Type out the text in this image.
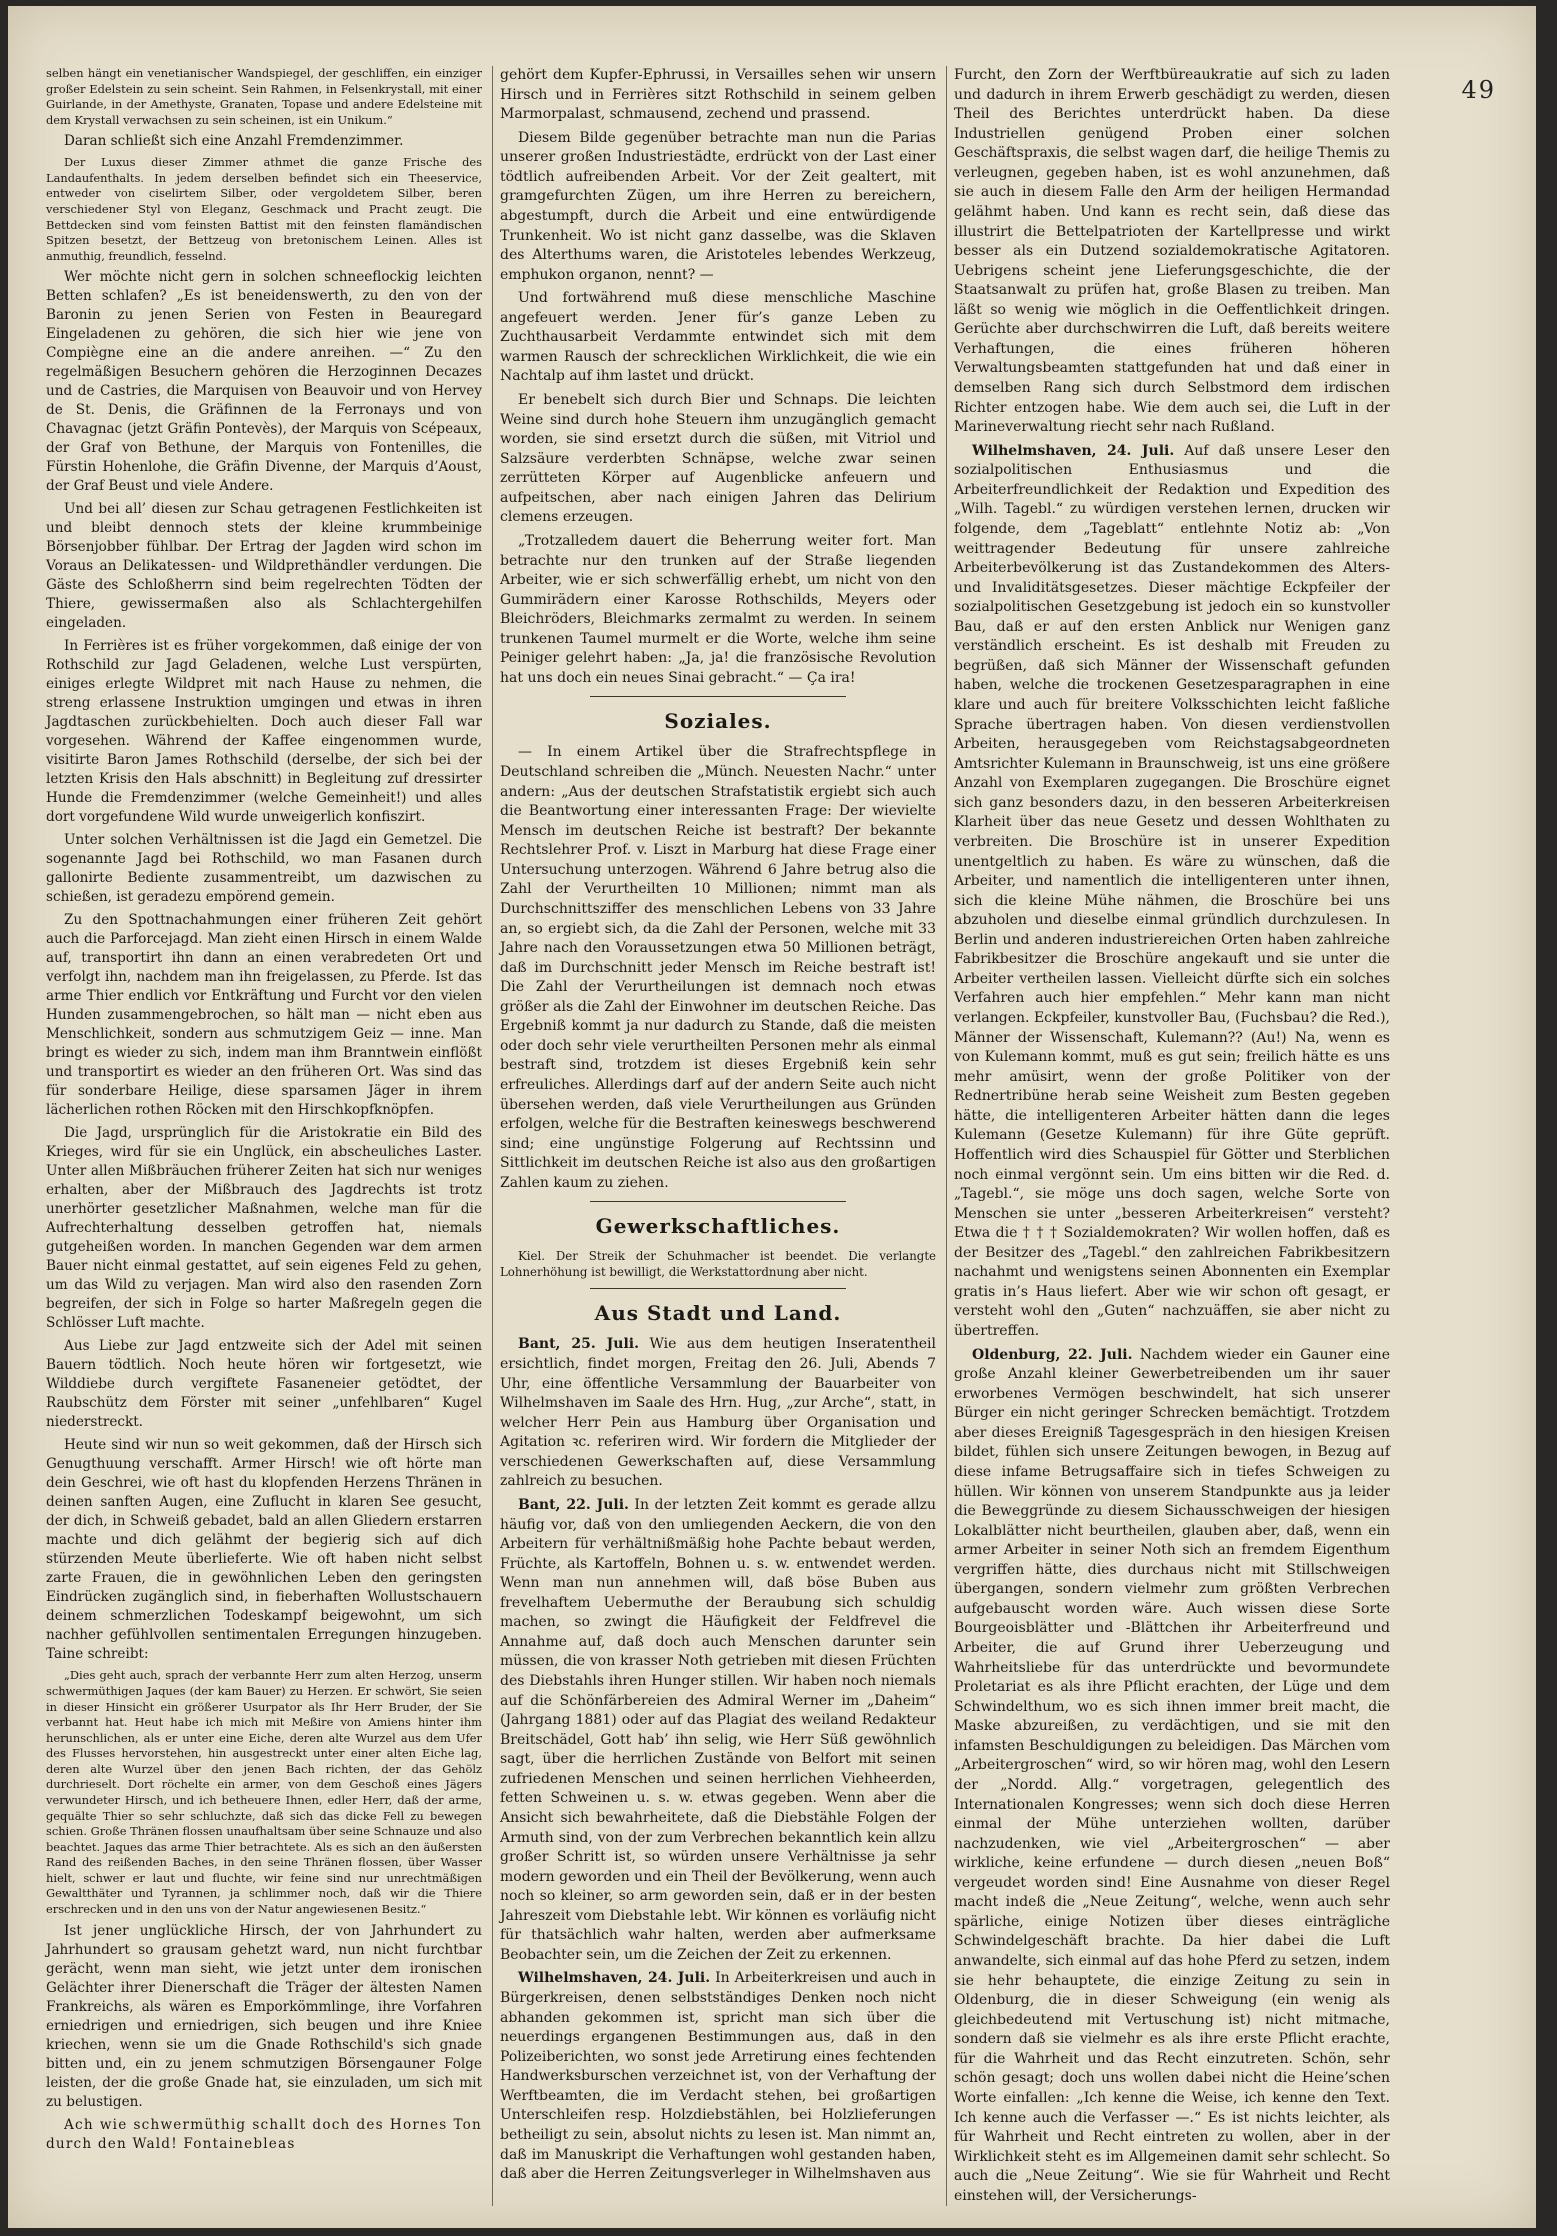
49

selben hängt ein venetianischer Wandspiegel, der geschliffen, ein einziger großer Edelstein zu sein scheint. Sein Rahmen, in Felsenkrystall, mit einer Guirlande, in der Amethyste, Granaten, Topase und andere Edelsteine mit dem Krystall verwachsen zu sein scheinen, ist ein Unikum.“

Daran schließt sich eine Anzahl Fremdenzimmer.

Der Luxus dieser Zimmer athmet die ganze Frische des Landaufenthalts. In jedem derselben befindet sich ein Theeservice, entweder von ciselirtem Silber, oder vergoldetem Silber, beren verschiedener Styl von Eleganz, Geschmack und Pracht zeugt. Die Bettdecken sind vom feinsten Battist mit den feinsten flamändischen Spitzen besetzt, der Bettzeug von bretonischem Leinen. Alles ist anmuthig, freundlich, fesselnd.

Wer möchte nicht gern in solchen schneeflockig leichten Betten schlafen? „Es ist beneidenswerth, zu den von der Baronin zu jenen Serien von Festen in Beauregard Eingeladenen zu gehören, die sich hier wie jene von Compiègne eine an die andere anreihen. —“ Zu den regelmäßigen Besuchern gehören die Herzoginnen Decazes und de Castries, die Marquisen von Beauvoir und von Hervey de St. Denis, die Gräfinnen de la Ferronays und von Chavagnac (jetzt Gräfin Pontevès), der Marquis von Scépeaux, der Graf von Bethune, der Marquis von Fontenilles, die Fürstin Hohenlohe, die Gräfin Divenne, der Marquis d’Aoust, der Graf Beust und viele Andere.

Und bei all’ diesen zur Schau getragenen Festlichkeiten ist und bleibt dennoch stets der kleine krummbeinige Börsenjobber fühlbar. Der Ertrag der Jagden wird schon im Voraus an Delikatessen- und Wildprethändler verdungen. Die Gäste des Schloßherrn sind beim regelrechten Tödten der Thiere, gewissermaßen also als Schlachtergehilfen eingeladen.

In Ferrières ist es früher vorgekommen, daß einige der von Rothschild zur Jagd Geladenen, welche Lust verspürten, einiges erlegte Wildpret mit nach Hause zu nehmen, die streng erlassene Instruktion umgingen und etwas in ihren Jagdtaschen zurückbehielten. Doch auch dieser Fall war vorgesehen. Während der Kaffee eingenommen wurde, visitirte Baron James Rothschild (derselbe, der sich bei der letzten Krisis den Hals abschnitt) in Begleitung zuf dressirter Hunde die Fremdenzimmer (welche Gemeinheit!) und alles dort vorgefundene Wild wurde unweigerlich konfiszirt.

Unter solchen Verhältnissen ist die Jagd ein Gemetzel. Die sogenannte Jagd bei Rothschild, wo man Fasanen durch gallonirte Bediente zusammentreibt, um dazwischen zu schießen, ist geradezu empörend gemein.

Zu den Spottnachahmungen einer früheren Zeit gehört auch die Parforcejagd. Man zieht einen Hirsch in einem Walde auf, transportirt ihn dann an einen verabredeten Ort und verfolgt ihn, nachdem man ihn freigelassen, zu Pferde. Ist das arme Thier endlich vor Entkräftung und Furcht vor den vielen Hunden zusammengebrochen, so hält man — nicht eben aus Menschlichkeit, sondern aus schmutzigem Geiz — inne. Man bringt es wieder zu sich, indem man ihm Branntwein einflößt und transportirt es wieder an den früheren Ort. Was sind das für sonderbare Heilige, diese sparsamen Jäger in ihrem lächerlichen rothen Röcken mit den Hirschkopfknöpfen.

Die Jagd, ursprünglich für die Aristokratie ein Bild des Krieges, wird für sie ein Unglück, ein abscheuliches Laster. Unter allen Mißbräuchen früherer Zeiten hat sich nur weniges erhalten, aber der Mißbrauch des Jagdrechts ist trotz unerhörter gesetzlicher Maßnahmen, welche man für die Aufrechterhaltung desselben getroffen hat, niemals gutgeheißen worden. In manchen Gegenden war dem armen Bauer nicht einmal gestattet, auf sein eigenes Feld zu gehen, um das Wild zu verjagen. Man wird also den rasenden Zorn begreifen, der sich in Folge so harter Maßregeln gegen die Schlösser Luft machte.

Aus Liebe zur Jagd entzweite sich der Adel mit seinen Bauern tödtlich. Noch heute hören wir fortgesetzt, wie Wilddiebe durch vergiftete Fasaneneier getödtet, der Raubschütz dem Förster mit seiner „unfehlbaren“ Kugel niederstreckt.

Heute sind wir nun so weit gekommen, daß der Hirsch sich Genugthuung verschafft. Armer Hirsch! wie oft hörte man dein Geschrei, wie oft hast du klopfenden Herzens Thränen in deinen sanften Augen, eine Zuflucht in klaren See gesucht, der dich, in Schweiß gebadet, bald an allen Gliedern erstarren machte und dich gelähmt der begierig sich auf dich stürzenden Meute überlieferte. Wie oft haben nicht selbst zarte Frauen, die in gewöhnlichen Leben den geringsten Eindrücken zugänglich sind, in fieberhaften Wollustschauern deinem schmerzlichen Todeskampf beigewohnt, um sich nachher gefühlvollen sentimentalen Erregungen hinzugeben. Taine schreibt:

„Dies geht auch, sprach der verbannte Herr zum alten Herzog, unserm schwermüthigen Jaques (der kam Bauer) zu Herzen. Er schwört, Sie seien in dieser Hinsicht ein größerer Usurpator als Ihr Herr Bruder, der Sie verbannt hat. Heut habe ich mich mit Meßire von Amiens hinter ihm herunschlichen, als er unter eine Eiche, deren alte Wurzel aus dem Ufer des Flusses hervorstehen, hin ausgestreckt unter einer alten Eiche lag, deren alte Wurzel über den jenen Bach richten, der das Gehölz durchrieselt. Dort röchelte ein armer, von dem Geschoß eines Jägers verwundeter Hirsch, und ich betheuere Ihnen, edler Herr, daß der arme, gequälte Thier so sehr schluchzte, daß sich das dicke Fell zu bewegen schien. Große Thränen flossen unaufhaltsam über seine Schnauze und also beachtet. Jaques das arme Thier betrachtete. Als es sich an den äußersten Rand des reißenden Baches, in den seine Thränen flossen, über Wasser hielt, schwer er laut und fluchte, wir feine sind nur unrechtmäßigen Gewaltthäter und Tyrannen, ja schlimmer noch, daß wir die Thiere erschrecken und in den uns von der Natur angewiesenen Besitz.“

Ist jener unglückliche Hirsch, der von Jahrhundert zu Jahrhundert so grausam gehetzt ward, nun nicht furchtbar gerächt, wenn man sieht, wie jetzt unter dem ironischen Gelächter ihrer Dienerschaft die Träger der ältesten Namen Frankreichs, als wären es Emporkömmlinge, ihre Vorfahren erniedrigen und erniedrigen, sich beugen und ihre Kniee kriechen, wenn sie um die Gnade Rothschild's sich gnade bitten und, ein zu jenem schmutzigen Börsengauner Folge leisten, der die große Gnade hat, sie einzuladen, um sich mit zu belustigen.

Ach wie schwermüthig schallt doch des Hornes Ton durch den Wald! Fontainebleas

gehört dem Kupfer-Ephrussi, in Versailles sehen wir unsern Hirsch und in Ferrières sitzt Rothschild in seinem gelben Marmorpalast, schmausend, zechend und prassend.

Diesem Bilde gegenüber betrachte man nun die Parias unserer großen Industriestädte, erdrückt von der Last einer tödtlich aufreibenden Arbeit. Vor der Zeit gealtert, mit gramgefurchten Zügen, um ihre Herren zu bereichern, abgestumpft, durch die Arbeit und eine entwürdigende Trunkenheit. Wo ist nicht ganz dasselbe, was die Sklaven des Alterthums waren, die Aristoteles lebendes Werkzeug, emphukon organon, nennt? —

Und fortwährend muß diese menschliche Maschine angefeuert werden. Jener für’s ganze Leben zu Zuchthausarbeit Verdammte entwindet sich mit dem warmen Rausch der schrecklichen Wirklichkeit, die wie ein Nachtalp auf ihm lastet und drückt.

Er benebelt sich durch Bier und Schnaps. Die leichten Weine sind durch hohe Steuern ihm unzugänglich gemacht worden, sie sind ersetzt durch die süßen, mit Vitriol und Salzsäure verderbten Schnäpse, welche zwar seinen zerrütteten Körper auf Augenblicke anfeuern und aufpeitschen, aber nach einigen Jahren das Delirium clemens erzeugen.

„Trotzalledem dauert die Beherrung weiter fort. Man betrachte nur den trunken auf der Straße liegenden Arbeiter, wie er sich schwerfällig erhebt, um nicht von den Gummirädern einer Karosse Rothschilds, Meyers oder Bleichröders, Bleichmarks zermalmt zu werden. In seinem trunkenen Taumel murmelt er die Worte, welche ihm seine Peiniger gelehrt haben: „Ja, ja! die französische Revolution hat uns doch ein neues Sinai gebracht.“ — Ça ira!

Soziales.

— In einem Artikel über die Strafrechtspflege in Deutschland schreiben die „Münch. Neuesten Nachr.“ unter andern: „Aus der deutschen Strafstatistik ergiebt sich auch die Beantwortung einer interessanten Frage: Der wievielte Mensch im deutschen Reiche ist bestraft? Der bekannte Rechtslehrer Prof. v. Liszt in Marburg hat diese Frage einer Untersuchung unterzogen. Während 6 Jahre betrug also die Zahl der Verurtheilten 10 Millionen; nimmt man als Durchschnittsziffer des menschlichen Lebens von 33 Jahre an, so ergiebt sich, da die Zahl der Personen, welche mit 33 Jahre nach den Voraussetzungen etwa 50 Millionen beträgt, daß im Durchschnitt jeder Mensch im Reiche bestraft ist! Die Zahl der Verurtheilungen ist demnach noch etwas größer als die Zahl der Einwohner im deutschen Reiche. Das Ergebniß kommt ja nur dadurch zu Stande, daß die meisten oder doch sehr viele verurtheilten Personen mehr als einmal bestraft sind, trotzdem ist dieses Ergebniß kein sehr erfreuliches. Allerdings darf auf der andern Seite auch nicht übersehen werden, daß viele Verurtheilungen aus Gründen erfolgen, welche für die Bestraften keineswegs beschwerend sind; eine ungünstige Folgerung auf Rechtssinn und Sittlichkeit im deutschen Reiche ist also aus den großartigen Zahlen kaum zu ziehen.

Gewerkschaftliches.

Kiel. Der Streik der Schuhmacher ist beendet. Die verlangte Lohnerhöhung ist bewilligt, die Werkstattordnung aber nicht.

Aus Stadt und Land.

Bant, 25. Juli. Wie aus dem heutigen Inseratentheil ersichtlich, findet morgen, Freitag den 26. Juli, Abends 7 Uhr, eine öffentliche Versammlung der Bauarbeiter von Wilhelmshaven im Saale des Hrn. Hug, „zur Arche“, statt, in welcher Herr Pein aus Hamburg über Organisation und Agitation ꝛc. referiren wird. Wir fordern die Mitglieder der verschiedenen Gewerkschaften auf, diese Versammlung zahlreich zu besuchen.

Bant, 22. Juli. In der letzten Zeit kommt es gerade allzu häufig vor, daß von den umliegenden Aeckern, die von den Arbeitern für verhältnißmäßig hohe Pachte bebaut werden, Früchte, als Kartoffeln, Bohnen u. s. w. entwendet werden. Wenn man nun annehmen will, daß böse Buben aus frevelhaftem Uebermuthe der Beraubung sich schuldig machen, so zwingt die Häufigkeit der Feldfrevel die Annahme auf, daß doch auch Menschen darunter sein müssen, die von krasser Noth getrieben mit diesen Früchten des Diebstahls ihren Hunger stillen. Wir haben noch niemals auf die Schönfärbereien des Admiral Werner im „Daheim“ (Jahrgang 1881) oder auf das Plagiat des weiland Redakteur Breitschädel, Gott hab’ ihn selig, wie Herr Süß gewöhnlich sagt, über die herrlichen Zustände von Belfort mit seinen zufriedenen Menschen und seinen herrlichen Viehheerden, fetten Schweinen u. s. w. etwas gegeben. Wenn aber die Ansicht sich bewahrheitete, daß die Diebstähle Folgen der Armuth sind, von der zum Verbrechen bekanntlich kein allzu großer Schritt ist, so würden unsere Verhältnisse ja sehr modern geworden und ein Theil der Bevölkerung, wenn auch noch so kleiner, so arm geworden sein, daß er in der besten Jahreszeit vom Diebstahle lebt. Wir können es vorläufig nicht für thatsächlich wahr halten, werden aber aufmerksame Beobachter sein, um die Zeichen der Zeit zu erkennen.

Wilhelmshaven, 24. Juli. In Arbeiterkreisen und auch in Bürgerkreisen, denen selbstständiges Denken noch nicht abhanden gekommen ist, spricht man sich über die neuerdings ergangenen Bestimmungen aus, daß in den Polizeiberichten, wo sonst jede Arretirung eines fechtenden Handwerksburschen verzeichnet ist, von der Verhaftung der Werftbeamten, die im Verdacht stehen, bei großartigen Unterschleifen resp. Holzdiebstählen, bei Holzlieferungen betheiligt zu sein, absolut nichts zu lesen ist. Man nimmt an, daß im Manuskript die Verhaftungen wohl gestanden haben, daß aber die Herren Zeitungsverleger in Wilhelmshaven aus

Furcht, den Zorn der Werftbüreaukratie auf sich zu laden und dadurch in ihrem Erwerb geschädigt zu werden, diesen Theil des Berichtes unterdrückt haben. Da diese Industriellen genügend Proben einer solchen Geschäftspraxis, die selbst wagen darf, die heilige Themis zu verleugnen, gegeben haben, ist es wohl anzunehmen, daß sie auch in diesem Falle den Arm der heiligen Hermandad gelähmt haben. Und kann es recht sein, daß diese das illustrirt die Bettelpatrioten der Kartellpresse und wirkt besser als ein Dutzend sozialdemokratische Agitatoren. Uebrigens scheint jene Lieferungsgeschichte, die der Staatsanwalt zu prüfen hat, große Blasen zu treiben. Man läßt so wenig wie möglich in die Oeffentlichkeit dringen. Gerüchte aber durchschwirren die Luft, daß bereits weitere Verhaftungen, die eines früheren höheren Verwaltungsbeamten stattgefunden hat und daß einer in demselben Rang sich durch Selbstmord dem irdischen Richter entzogen habe. Wie dem auch sei, die Luft in der Marineverwaltung riecht sehr nach Rußland.

Wilhelmshaven, 24. Juli. Auf daß unsere Leser den sozialpolitischen Enthusiasmus und die Arbeiterfreundlichkeit der Redaktion und Expedition des „Wilh. Tagebl.“ zu würdigen verstehen lernen, drucken wir folgende, dem „Tageblatt“ entlehnte Notiz ab: „Von weittragender Bedeutung für unsere zahlreiche Arbeiterbevölkerung ist das Zustandekommen des Alters- und Invaliditätsgesetzes. Dieser mächtige Eckpfeiler der sozialpolitischen Gesetzgebung ist jedoch ein so kunstvoller Bau, daß er auf den ersten Anblick nur Wenigen ganz verständlich erscheint. Es ist deshalb mit Freuden zu begrüßen, daß sich Männer der Wissenschaft gefunden haben, welche die trockenen Gesetzesparagraphen in eine klare und auch für breitere Volksschichten leicht faßliche Sprache übertragen haben. Von diesen verdienstvollen Arbeiten, herausgegeben vom Reichstagsabgeordneten Amtsrichter Kulemann in Braunschweig, ist uns eine größere Anzahl von Exemplaren zugegangen. Die Broschüre eignet sich ganz besonders dazu, in den besseren Arbeiterkreisen Klarheit über das neue Gesetz und dessen Wohlthaten zu verbreiten. Die Broschüre ist in unserer Expedition unentgeltlich zu haben. Es wäre zu wünschen, daß die Arbeiter, und namentlich die intelligenteren unter ihnen, sich die kleine Mühe nähmen, die Broschüre bei uns abzuholen und dieselbe einmal gründlich durchzulesen. In Berlin und anderen industriereichen Orten haben zahlreiche Fabrikbesitzer die Broschüre angekauft und sie unter die Arbeiter vertheilen lassen. Vielleicht dürfte sich ein solches Verfahren auch hier empfehlen.“ Mehr kann man nicht verlangen. Eckpfeiler, kunstvoller Bau, (Fuchsbau? die Red.), Männer der Wissenschaft, Kulemann?? (Au!) Na, wenn es von Kulemann kommt, muß es gut sein; freilich hätte es uns mehr amüsirt, wenn der große Politiker von der Rednertribüne herab seine Weisheit zum Besten gegeben hätte, die intelligenteren Arbeiter hätten dann die leges Kulemann (Gesetze Kulemann) für ihre Güte geprüft. Hoffentlich wird dies Schauspiel für Götter und Sterblichen noch einmal vergönnt sein. Um eins bitten wir die Red. d. „Tagebl.“, sie möge uns doch sagen, welche Sorte von Menschen sie unter „besseren Arbeiterkreisen“ versteht? Etwa die † † † Sozialdemokraten? Wir wollen hoffen, daß es der Besitzer des „Tagebl.“ den zahlreichen Fabrikbesitzern nachahmt und wenigstens seinen Abonnenten ein Exemplar gratis in’s Haus liefert. Aber wie wir schon oft gesagt, er versteht wohl den „Guten“ nachzuäffen, sie aber nicht zu übertreffen.

Oldenburg, 22. Juli. Nachdem wieder ein Gauner eine große Anzahl kleiner Gewerbetreibenden um ihr sauer erworbenes Vermögen beschwindelt, hat sich unserer Bürger ein nicht geringer Schrecken bemächtigt. Trotzdem aber dieses Ereigniß Tagesgespräch in den hiesigen Kreisen bildet, fühlen sich unsere Zeitungen bewogen, in Bezug auf diese infame Betrugsaffaire sich in tiefes Schweigen zu hüllen. Wir können von unserem Standpunkte aus ja leider die Beweggründe zu diesem Sichausschweigen der hiesigen Lokalblätter nicht beurtheilen, glauben aber, daß, wenn ein armer Arbeiter in seiner Noth sich an fremdem Eigenthum vergriffen hätte, dies durchaus nicht mit Stillschweigen übergangen, sondern vielmehr zum größten Verbrechen aufgebauscht worden wäre. Auch wissen diese Sorte Bourgeoisblätter und -Blättchen ihr Arbeiterfreund und Arbeiter, die auf Grund ihrer Ueberzeugung und Wahrheitsliebe für das unterdrückte und bevormundete Proletariat es als ihre Pflicht erachten, der Lüge und dem Schwindelthum, wo es sich ihnen immer breit macht, die Maske abzureißen, zu verdächtigen, und sie mit den infamsten Beschuldigungen zu beleidigen. Das Märchen vom „Arbeitergroschen“ wird, so wir hören mag, wohl den Lesern der „Nordd. Allg.“ vorgetragen, gelegentlich des Internationalen Kongresses; wenn sich doch diese Herren einmal der Mühe unterziehen wollten, darüber nachzudenken, wie viel „Arbeitergroschen“ — aber wirkliche, keine erfundene — durch diesen „neuen Boß“ vergeudet worden sind! Eine Ausnahme von dieser Regel macht indeß die „Neue Zeitung“, welche, wenn auch sehr spärliche, einige Notizen über dieses einträgliche Schwindelgeschäft brachte. Da hier dabei die Luft anwandelte, sich einmal auf das hohe Pferd zu setzen, indem sie hehr behauptete, die einzige Zeitung zu sein in Oldenburg, die in dieser Schweigung (ein wenig als gleichbedeutend mit Vertuschung ist) nicht mitmache, sondern daß sie vielmehr es als ihre erste Pflicht erachte, für die Wahrheit und das Recht einzutreten. Schön, sehr schön gesagt; doch uns wollen dabei nicht die Heine’schen Worte einfallen: „Ich kenne die Weise, ich kenne den Text. Ich kenne auch die Verfasser —.“ Es ist nichts leichter, als für Wahrheit und Recht eintreten zu wollen, aber in der Wirklichkeit steht es im Allgemeinen damit sehr schlecht. So auch die „Neue Zeitung“. Wie sie für Wahrheit und Recht einstehen will, der Versicherungs-
